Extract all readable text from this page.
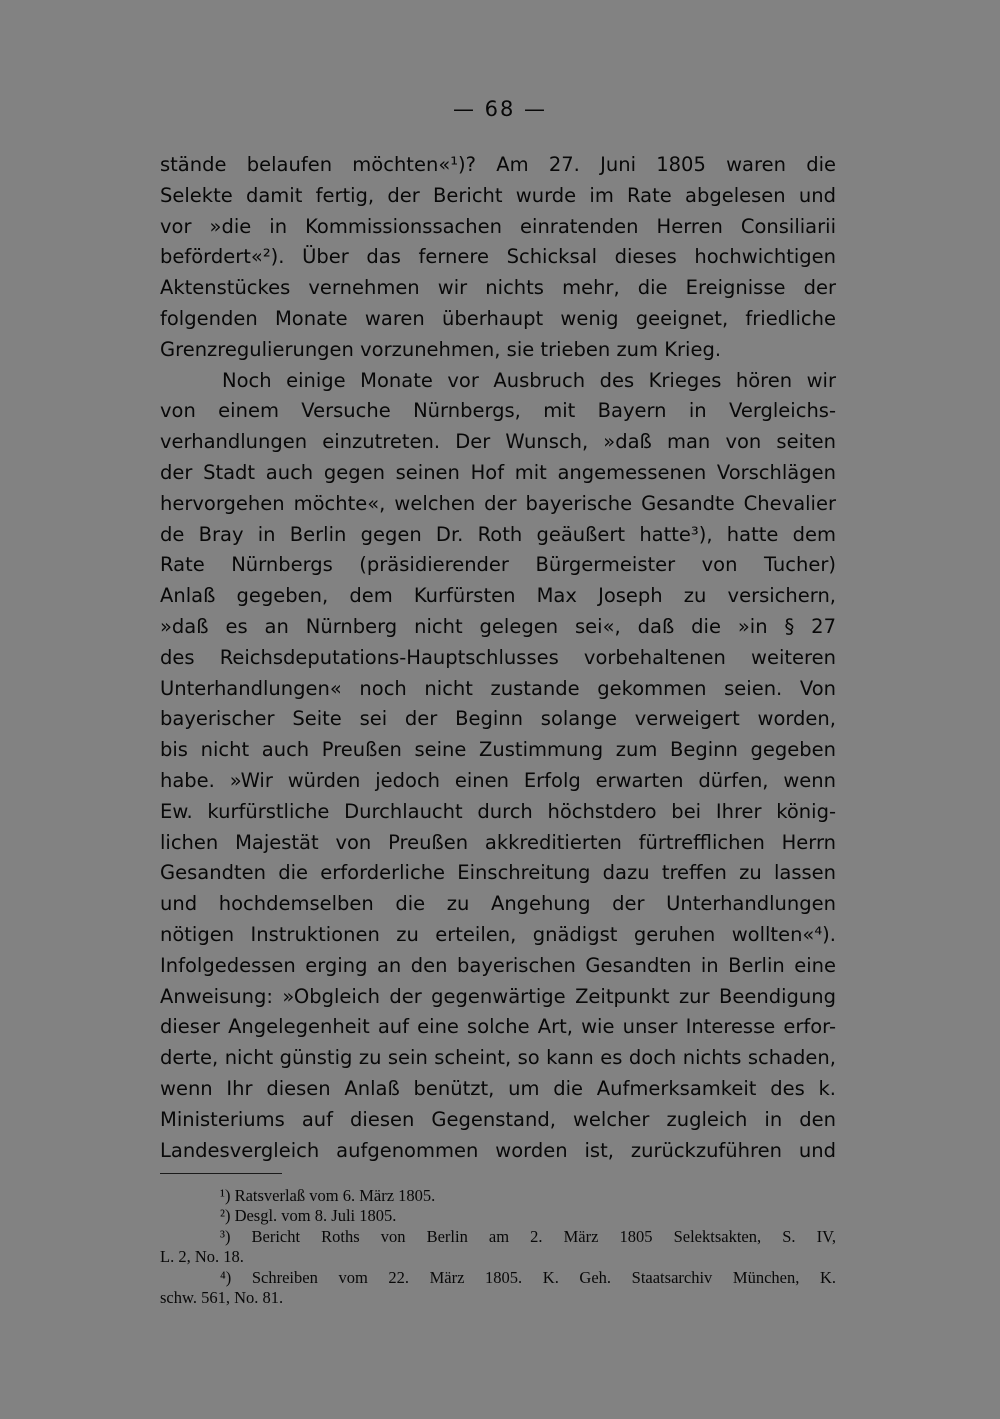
— 68 —
stände belaufen möchten«¹)? Am 27. Juni 1805 waren die
Selekte damit fertig, der Bericht wurde im Rate abgelesen und
vor »die in Kommissionssachen einratenden Herren Consiliarii
befördert«²). Über das fernere Schicksal dieses hochwichtigen
Aktenstückes vernehmen wir nichts mehr, die Ereignisse der
folgenden Monate waren überhaupt wenig geeignet, friedliche
Grenzregulierungen vorzunehmen, sie trieben zum Krieg.
Noch einige Monate vor Ausbruch des Krieges hören wir
von einem Versuche Nürnbergs, mit Bayern in Vergleichs-
verhandlungen einzutreten. Der Wunsch, »daß man von seiten
der Stadt auch gegen seinen Hof mit angemessenen Vorschlägen
hervorgehen möchte«, welchen der bayerische Gesandte Chevalier
de Bray in Berlin gegen Dr. Roth geäußert hatte³), hatte dem
Rate Nürnbergs (präsidierender Bürgermeister von Tucher)
Anlaß gegeben, dem Kurfürsten Max Joseph zu versichern,
»daß es an Nürnberg nicht gelegen sei«, daß die »in § 27
des Reichsdeputations-Hauptschlusses vorbehaltenen weiteren
Unterhandlungen« noch nicht zustande gekommen seien. Von
bayerischer Seite sei der Beginn solange verweigert worden,
bis nicht auch Preußen seine Zustimmung zum Beginn gegeben
habe. »Wir würden jedoch einen Erfolg erwarten dürfen, wenn
Ew. kurfürstliche Durchlaucht durch höchstdero bei Ihrer könig-
lichen Majestät von Preußen akkreditierten fürtrefflichen Herrn
Gesandten die erforderliche Einschreitung dazu treffen zu lassen
und hochdemselben die zu Angehung der Unterhandlungen
nötigen Instruktionen zu erteilen, gnädigst geruhen wollten«⁴).
Infolgedessen erging an den bayerischen Gesandten in Berlin eine
Anweisung: »Obgleich der gegenwärtige Zeitpunkt zur Beendigung
dieser Angelegenheit auf eine solche Art, wie unser Interesse erfor-
derte, nicht günstig zu sein scheint, so kann es doch nichts schaden,
wenn Ihr diesen Anlaß benützt, um die Aufmerksamkeit des k.
Ministeriums auf diesen Gegenstand, welcher zugleich in den
Landesvergleich aufgenommen worden ist, zurückzuführen und
¹) Ratsverlaß vom 6. März 1805.
²) Desgl. vom 8. Juli 1805.
³) Bericht Roths von Berlin am 2. März 1805 Selektsakten, S. IV,
L. 2, No. 18.
⁴) Schreiben vom 22. März 1805. K. Geh. Staatsarchiv München, K.
schw. 561, No. 81.
